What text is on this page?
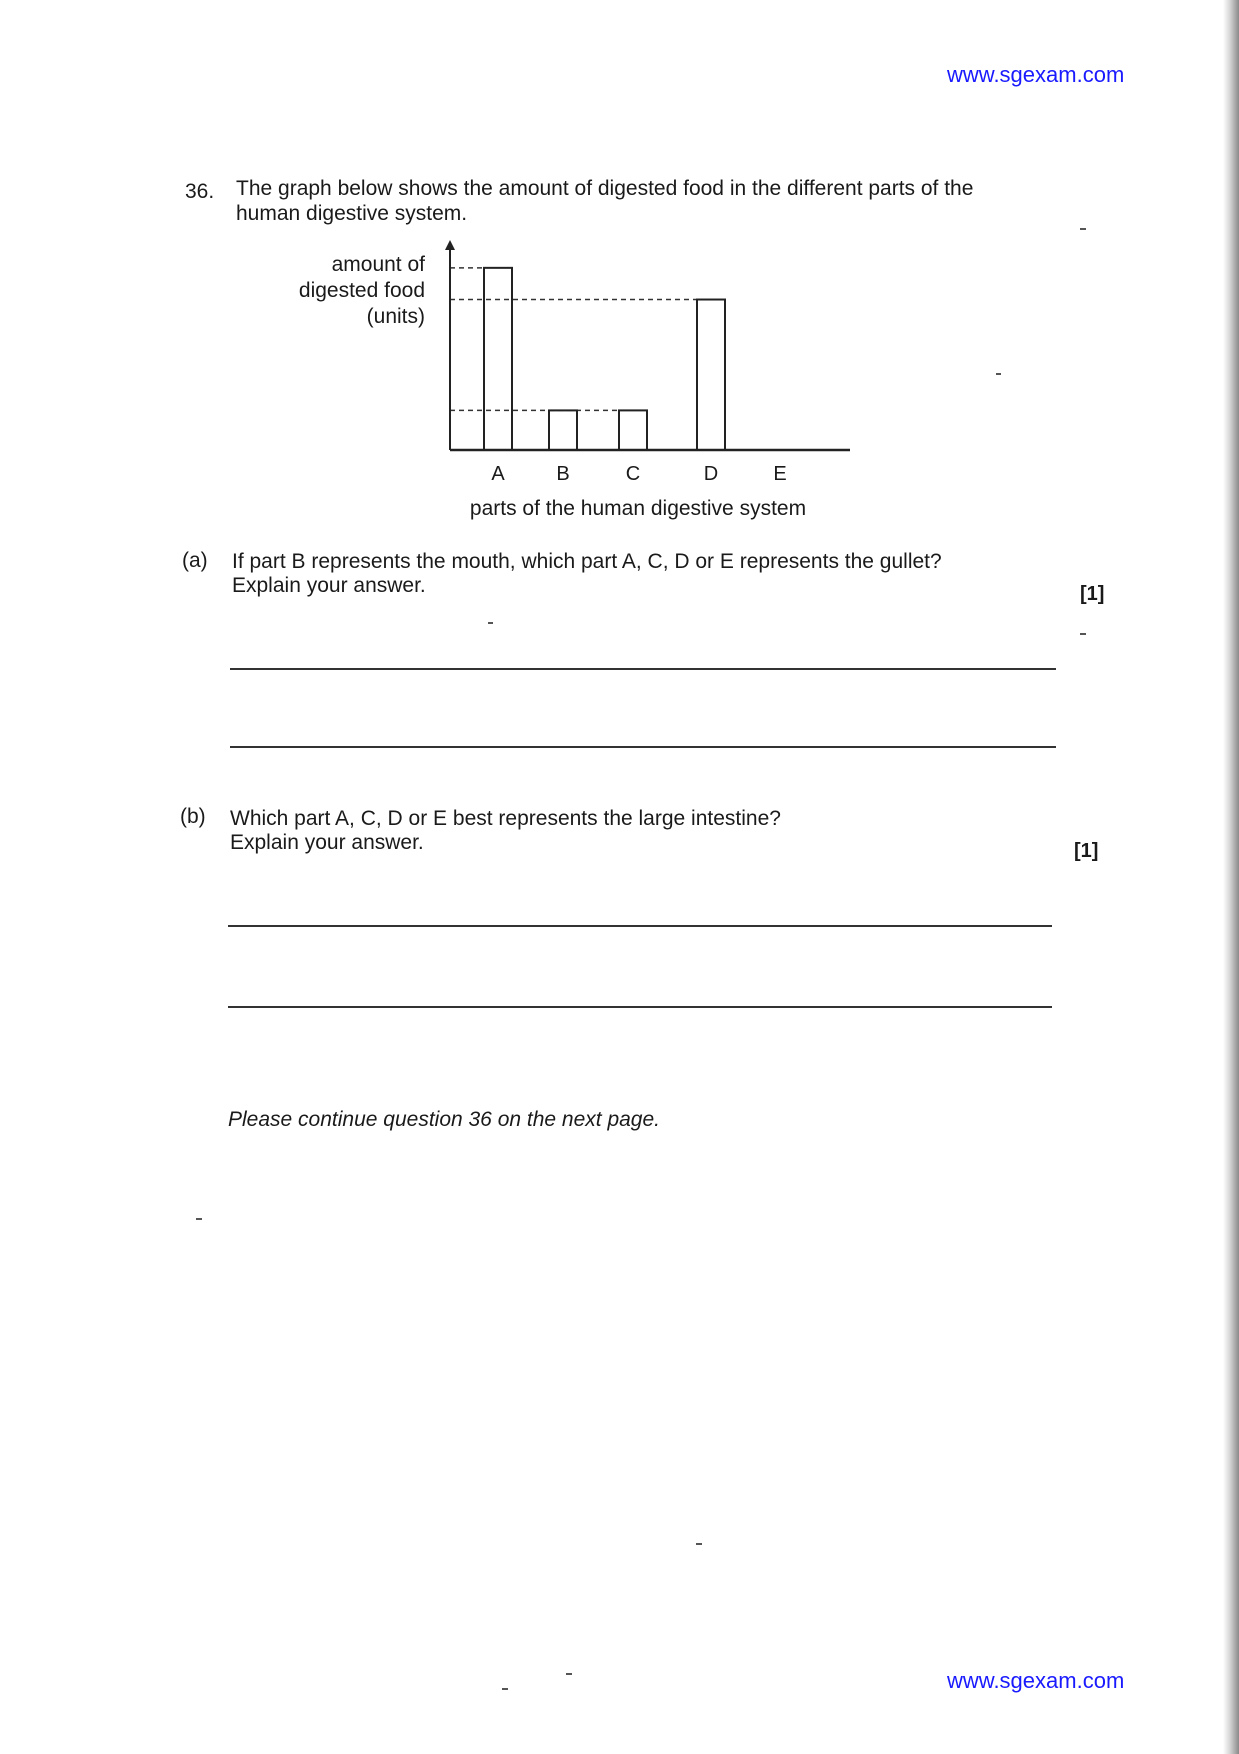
www.sgexam.com
36. The graph below shows the amount of digested food in the different parts of the human digestive system.
amount of
digested food
(units)
A	B	C	D	E
parts of the human digestive system
(a) If part B represents the mouth, which part A, C, D or E represents the gullet?
Explain your answer.	[1]
(b) Which part A, C, D or E best represents the large intestine?
Explain your answer.	[1]
Please continue question 36 on the next page.
www.sgexam.com
